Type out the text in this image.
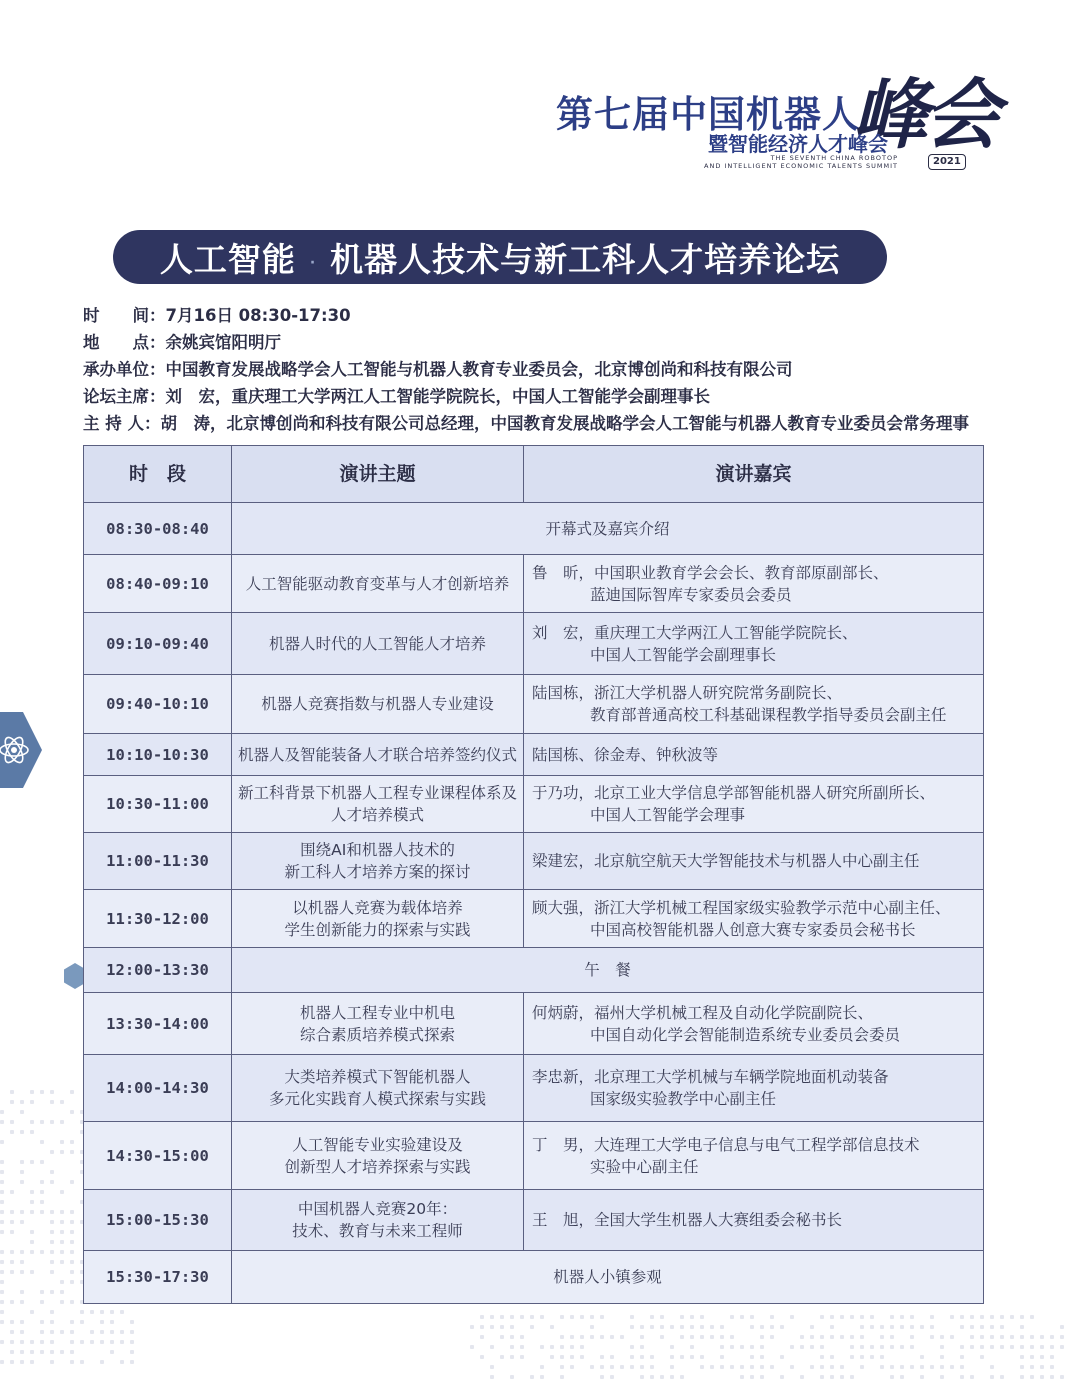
第七届中国机器人
峰会
暨智能经济人才峰会
THE SEVENTH CHINA ROBOTOP
AND INTELLIGENT ECONOMIC TALENTS SUMMIT	2021
人工智能 · 机器人技术与新工科人才培养论坛
时　　间：7月16日 08:30-17:30
地　　点：余姚宾馆阳明厅
承办单位：中国教育发展战略学会人工智能与机器人教育专业委员会，北京博创尚和科技有限公司
论坛主席：刘　宏，重庆理工大学两江人工智能学院院长，中国人工智能学会副理事长
主 持 人：胡　涛，北京博创尚和科技有限公司总经理，中国教育发展战略学会人工智能与机器人教育专业委员会常务理事
时　段	演讲主题	演讲嘉宾
08:30-08:40	开幕式及嘉宾介绍	
08:40-09:10	人工智能驱动教育变革与人才创新培养	鲁　昕，中国职业教育学会会长、教育部原副部长、
蓝迪国际智库专家委员会委员

09:10-09:40	机器人时代的人工智能人才培养	刘　宏，重庆理工大学两江人工智能学院院长、
中国人工智能学会副理事长

09:40-10:10	机器人竞赛指数与机器人专业建设	陆国栋，浙江大学机器人研究院常务副院长、
教育部普通高校工科基础课程教学指导委员会副主任

10:10-10:30	机器人及智能装备人才联合培养签约仪式	陆国栋、徐金寿、钟秋波等

10:30-11:00	新工科背景下机器人工程专业课程体系及
人才培养模式	于乃功，北京工业大学信息学部智能机器人研究所副所长、
中国人工智能学会理事

11:00-11:30	围绕AI和机器人技术的
新工科人才培养方案的探讨	梁建宏，北京航空航天大学智能技术与机器人中心副主任

11:30-12:00	以机器人竞赛为载体培养
学生创新能力的探索与实践	顾大强，浙江大学机械工程国家级实验教学示范中心副主任、
中国高校智能机器人创意大赛专家委员会秘书长

12:00-13:30	午　餐	
13:30-14:00	机器人工程专业中机电
综合素质培养模式探索	何炳蔚，福州大学机械工程及自动化学院副院长、
中国自动化学会智能制造系统专业委员会委员

14:00-14:30	大类培养模式下智能机器人
多元化实践育人模式探索与实践	李忠新，北京理工大学机械与车辆学院地面机动装备
国家级实验教学中心副主任

14:30-15:00	人工智能专业实验建设及
创新型人才培养探索与实践	丁　男，大连理工大学电子信息与电气工程学部信息技术
实验中心副主任

15:00-15:30	中国机器人竞赛20年：
技术、教育与未来工程师	王　旭，全国大学生机器人大赛组委会秘书长

15:30-17:30	机器人小镇参观	
